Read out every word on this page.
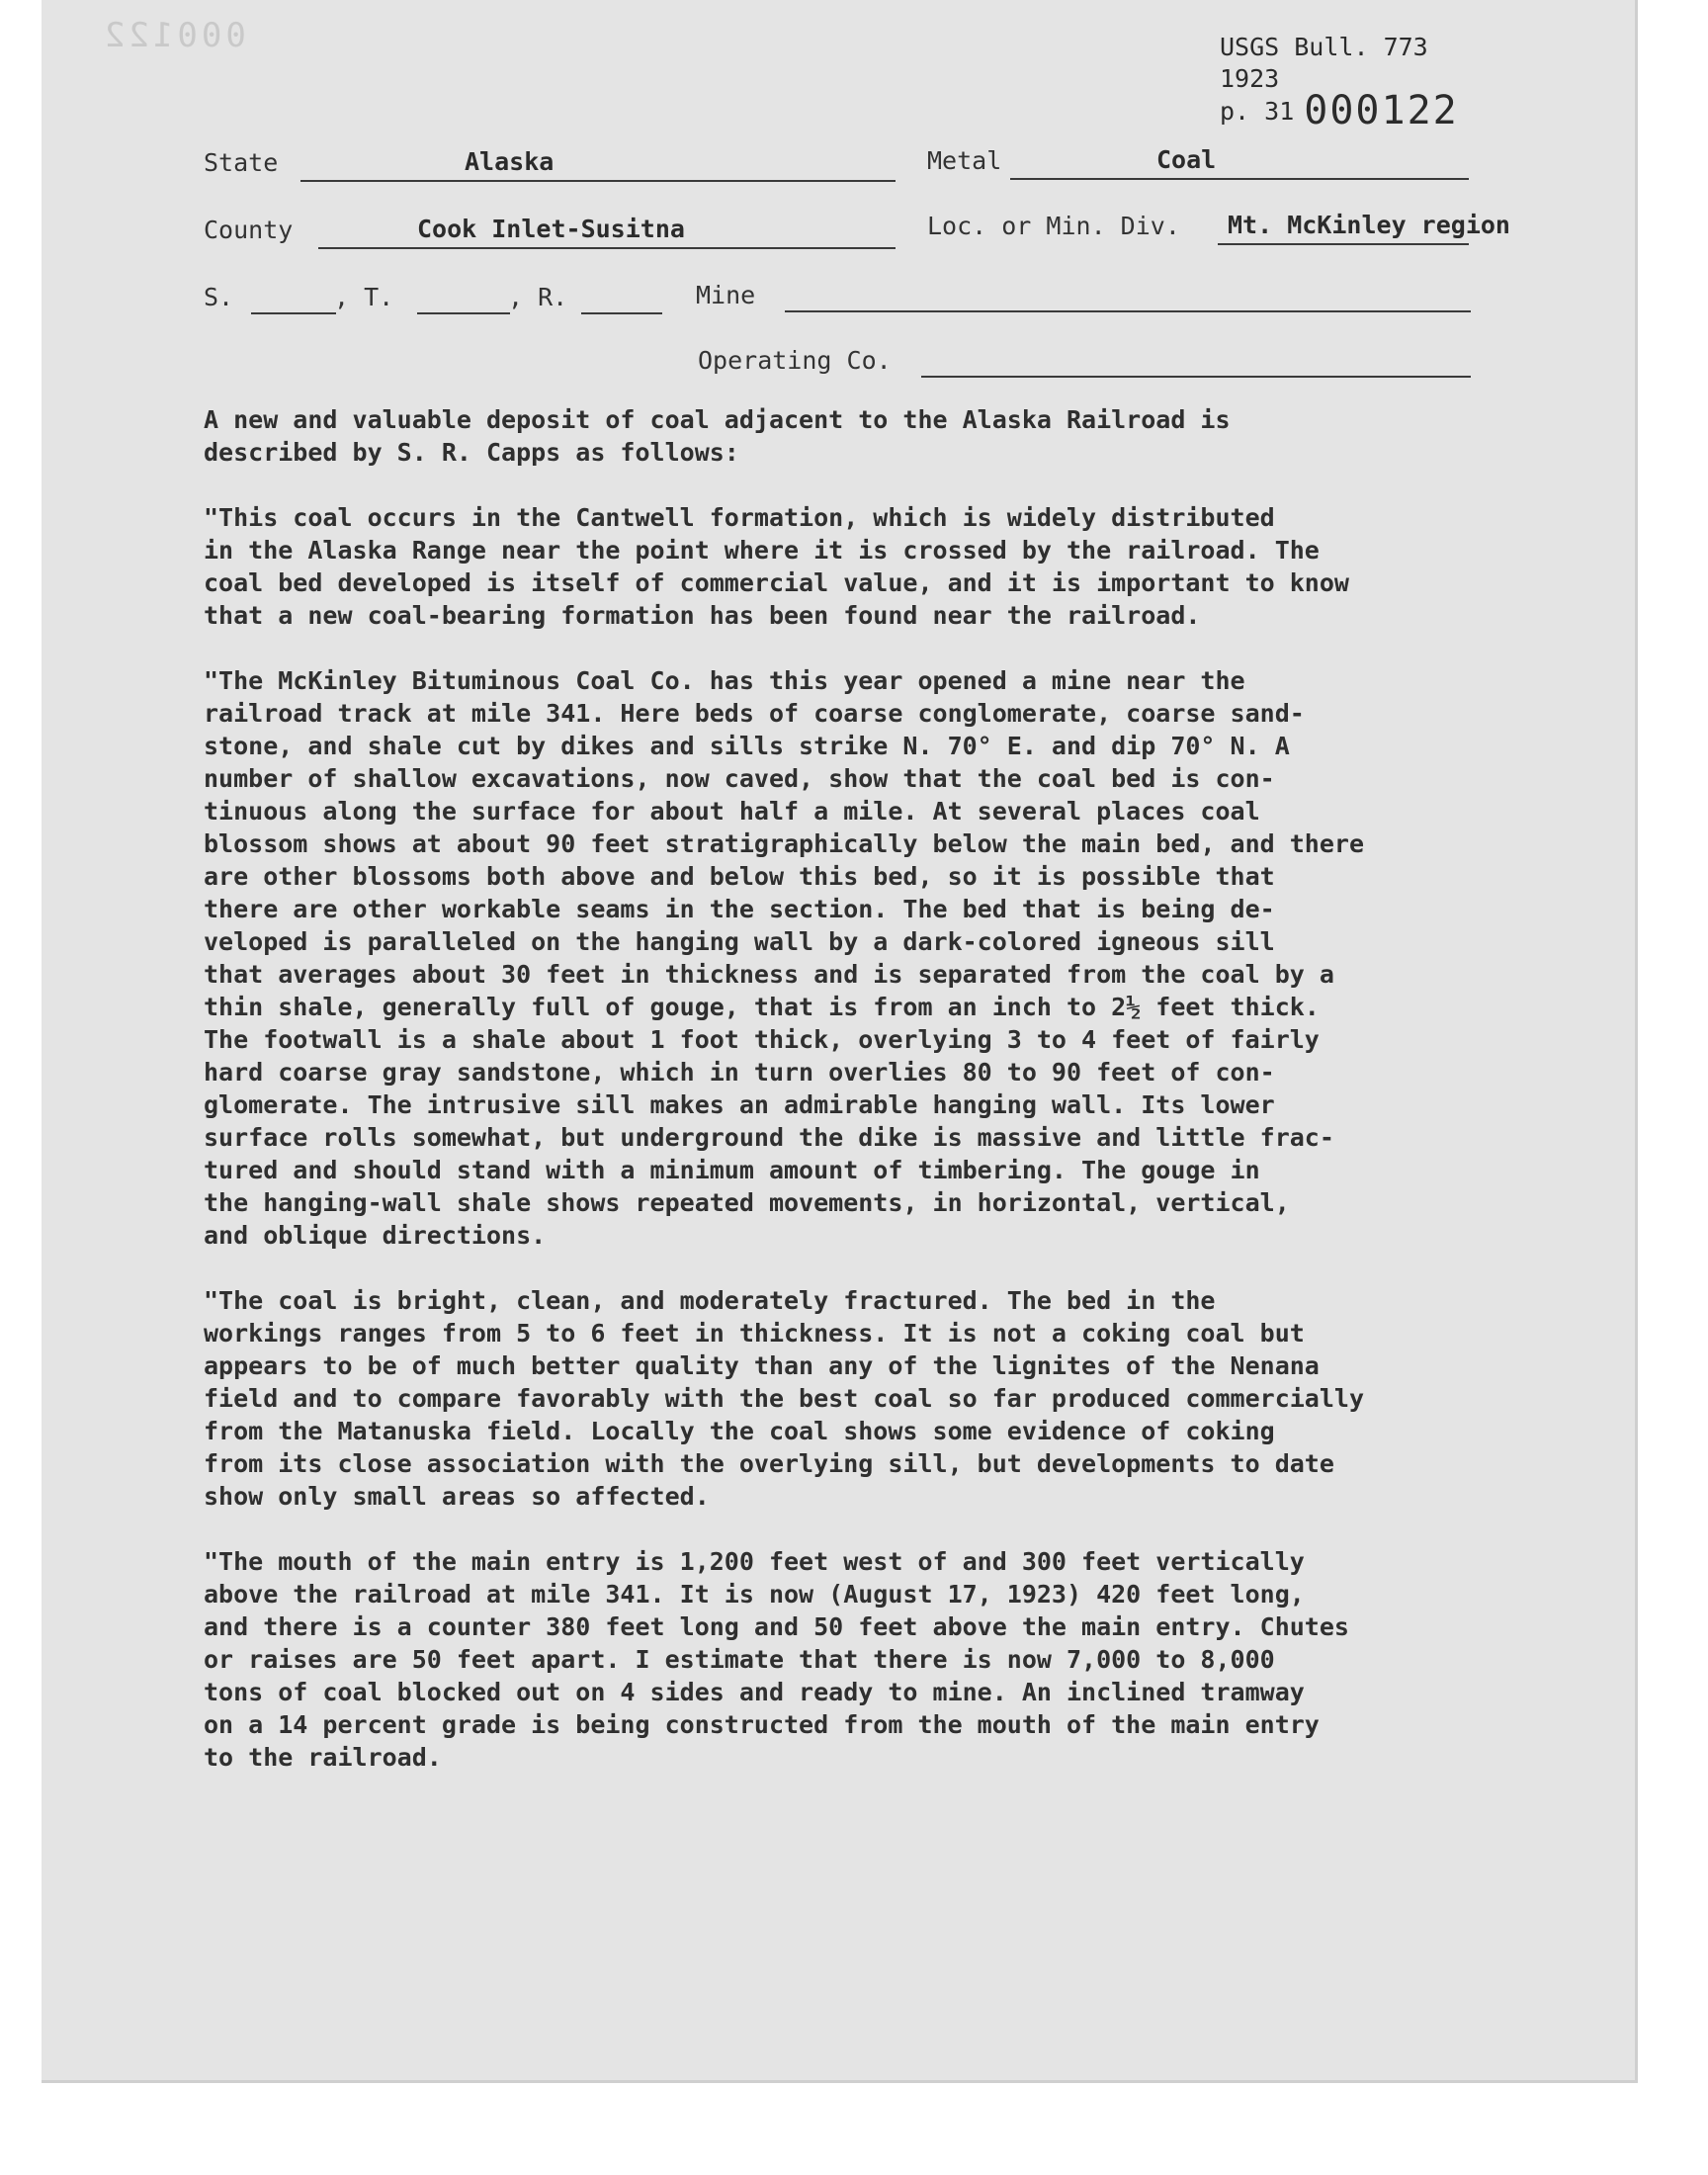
000122	USGS Bull. 773
1923
p. 31 000122
State	Alaska	Metal	Coal
County	Cook Inlet-Susitna	Loc. or Min. Div. Mt. McKinley region
S.	, T.	, R.	Mine
Operating Co.

A new and valuable deposit of coal adjacent to the Alaska Railroad is
described by S. R. Capps as follows:

"This coal occurs in the Cantwell formation, which is widely distributed
in the Alaska Range near the point where it is crossed by the railroad. The
coal bed developed is itself of commercial value, and it is important to know
that a new coal-bearing formation has been found near the railroad.

"The McKinley Bituminous Coal Co. has this year opened a mine near the
railroad track at mile 341. Here beds of coarse conglomerate, coarse sand-
stone, and shale cut by dikes and sills strike N. 70° E. and dip 70° N. A
number of shallow excavations, now caved, show that the coal bed is con-
tinuous along the surface for about half a mile. At several places coal
blossom shows at about 90 feet stratigraphically below the main bed, and there
are other blossoms both above and below this bed, so it is possible that
there are other workable seams in the section. The bed that is being de-
veloped is paralleled on the hanging wall by a dark-colored igneous sill
that averages about 30 feet in thickness and is separated from the coal by a
thin shale, generally full of gouge, that is from an inch to 2½ feet thick.
The footwall is a shale about 1 foot thick, overlying 3 to 4 feet of fairly
hard coarse gray sandstone, which in turn overlies 80 to 90 feet of con-
glomerate. The intrusive sill makes an admirable hanging wall. Its lower
surface rolls somewhat, but underground the dike is massive and little frac-
tured and should stand with a minimum amount of timbering. The gouge in
the hanging-wall shale shows repeated movements, in horizontal, vertical,
and oblique directions.

"The coal is bright, clean, and moderately fractured. The bed in the
workings ranges from 5 to 6 feet in thickness. It is not a coking coal but
appears to be of much better quality than any of the lignites of the Nenana
field and to compare favorably with the best coal so far produced commercially
from the Matanuska field. Locally the coal shows some evidence of coking
from its close association with the overlying sill, but developments to date
show only small areas so affected.

"The mouth of the main entry is 1,200 feet west of and 300 feet vertically
above the railroad at mile 341. It is now (August 17, 1923) 420 feet long,
and there is a counter 380 feet long and 50 feet above the main entry. Chutes
or raises are 50 feet apart. I estimate that there is now 7,000 to 8,000
tons of coal blocked out on 4 sides and ready to mine. An inclined tramway
on a 14 percent grade is being constructed from the mouth of the main entry
to the railroad.
